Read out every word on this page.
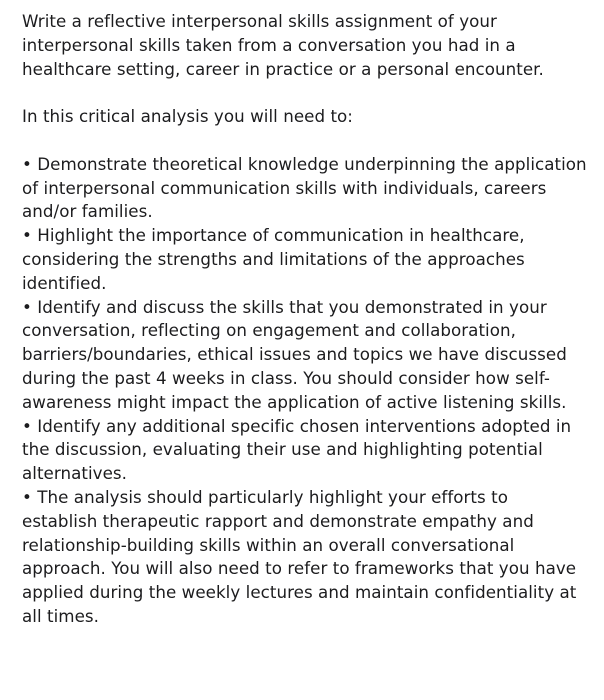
Write a reflective interpersonal skills assignment of your interpersonal skills taken from a conversation you had in a healthcare setting, career in practice or a personal encounter.

In this critical analysis you will need to:

• Demonstrate theoretical knowledge underpinning the application of interpersonal communication skills with individuals, careers and/or families.

• Highlight the importance of communication in healthcare, considering the strengths and limitations of the approaches identified.

• Identify and discuss the skills that you demonstrated in your conversation, reflecting on engagement and collaboration, barriers/boundaries, ethical issues and topics we have discussed during the past 4 weeks in class. You should consider how self-awareness might impact the application of active listening skills.

• Identify any additional specific chosen interventions adopted in the discussion, evaluating their use and highlighting potential alternatives.

• The analysis should particularly highlight your efforts to establish therapeutic rapport and demonstrate empathy and relationship-building skills within an overall conversational approach. You will also need to refer to frameworks that you have applied during the weekly lectures and maintain confidentiality at all times.
